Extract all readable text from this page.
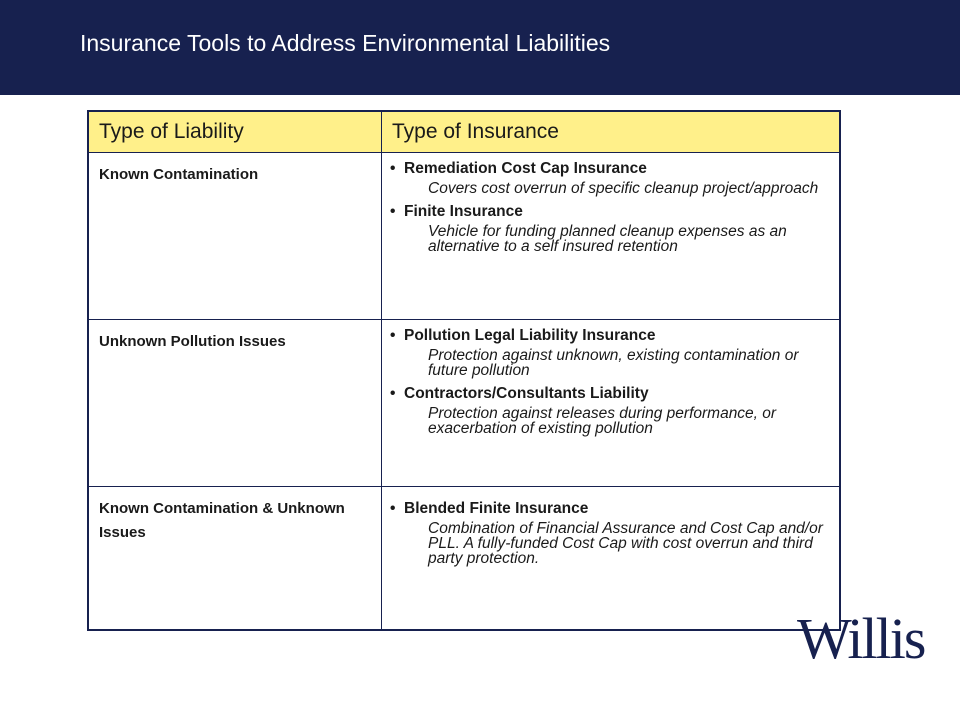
Insurance Tools to Address Environmental Liabilities
Type of Liability	Type of Insurance
Known Contamination	• Remediation Cost Cap Insurance
Covers cost overrun of specific cleanup project/approach
• Finite Insurance
Vehicle for funding planned cleanup expenses as an alternative to a self insured retention

Unknown Pollution Issues	• Pollution Legal Liability Insurance
Protection against unknown, existing contamination or future pollution
• Contractors/Consultants Liability
Protection against releases during performance, or exacerbation of existing pollution

Known Contamination & Unknown Issues	• Blended Finite Insurance
Combination of Financial Assurance and Cost Cap and/or PLL. A fully-funded Cost Cap with cost overrun and third party protection.
Willis
